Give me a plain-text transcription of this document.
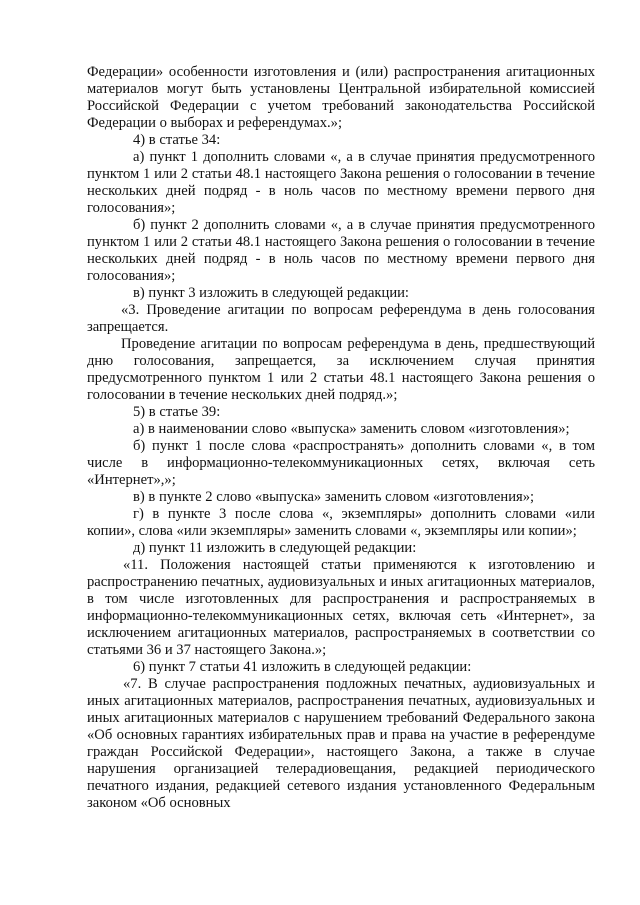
Федерации» особенности изготовления и (или) распространения агитационных материалов могут быть установлены Центральной избирательной комиссией Российской Федерации с учетом требований законодательства Российской Федерации о выборах и референдумах.»;

4) в статье 34:

а) пункт 1 дополнить словами «, а в случае принятия предусмотренного пунктом 1 или 2 статьи 48.1 настоящего Закона решения о голосовании в течение нескольких дней подряд - в ноль часов по местному времени первого дня голосования»;

б) пункт 2 дополнить словами «, а в случае принятия предусмотренного пунктом 1 или 2 статьи 48.1 настоящего Закона решения о голосовании в течение нескольких дней подряд - в ноль часов по местному времени первого дня голосования»;

в) пункт 3 изложить в следующей редакции:

«3. Проведение агитации по вопросам референдума в день голосования запрещается.

Проведение агитации по вопросам референдума в день, предшествующий дню голосования, запрещается, за исключением случая принятия предусмотренного пунктом 1 или 2 статьи 48.1 настоящего Закона решения о голосовании в течение нескольких дней подряд.»;

5) в статье 39:

а) в наименовании слово «выпуска» заменить словом «изготовления»;

б) пункт 1 после слова «распространять» дополнить словами «, в том числе в информационно-телекоммуникационных сетях, включая сеть «Интернет»,»;

в) в пункте 2 слово «выпуска» заменить словом «изготовления»;

г) в пункте 3 после слова «, экземпляры» дополнить словами «или копии», слова «или экземпляры» заменить словами «, экземпляры или копии»;

д) пункт 11 изложить в следующей редакции:

«11. Положения настоящей статьи применяются к изготовлению и распространению печатных, аудиовизуальных и иных агитационных материалов, в том числе изготовленных для распространения и распространяемых в информационно-телекоммуникационных сетях, включая сеть «Интернет», за исключением агитационных материалов, распространяемых в соответствии со статьями 36 и 37 настоящего Закона.»;

6) пункт 7 статьи 41 изложить в следующей редакции:

«7. В случае распространения подложных печатных, аудиовизуальных и иных агитационных материалов, распространения печатных, аудиовизуальных и иных агитационных материалов с нарушением требований Федерального закона «Об основных гарантиях избирательных прав и права на участие в референдуме граждан Российской Федерации», настоящего Закона, а также в случае нарушения организацией телерадиовещания, редакцией периодического печатного издания, редакцией сетевого издания установленного Федеральным законом «Об основных
